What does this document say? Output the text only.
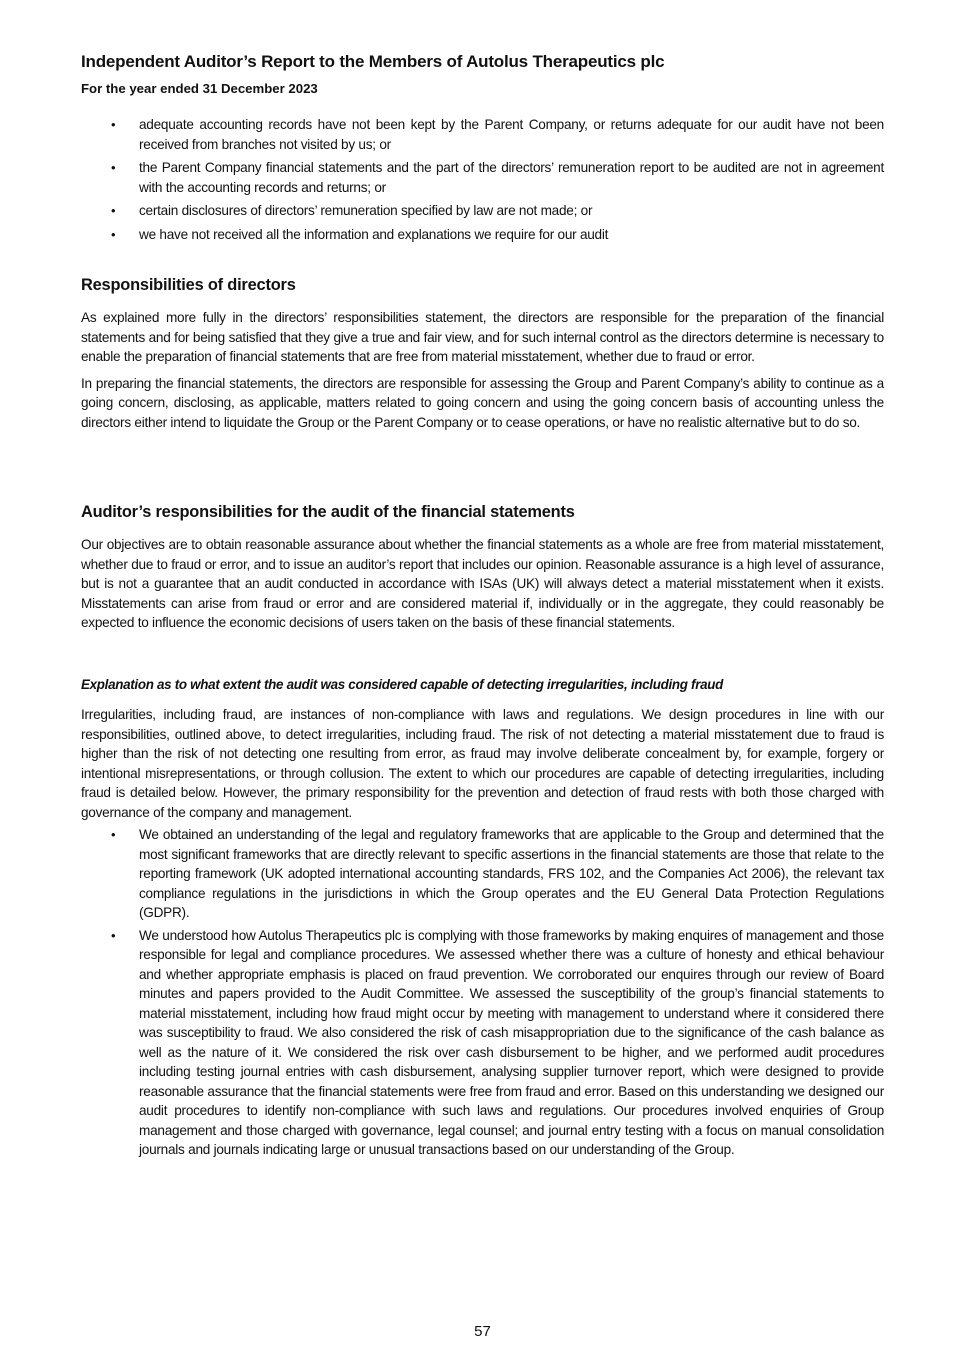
Independent Auditor’s Report to the Members of Autolus Therapeutics plc
For the year ended 31 December 2023
• adequate accounting records have not been kept by the Parent Company, or returns adequate for our audit have not been received from branches not visited by us; or
• the Parent Company financial statements and the part of the directors’ remuneration report to be audited are not in agreement with the accounting records and returns; or
• certain disclosures of directors’ remuneration specified by law are not made; or
• we have not received all the information and explanations we require for our audit
Responsibilities of directors

As explained more fully in the directors’ responsibilities statement, the directors are responsible for the preparation of the financial statements and for being satisfied that they give a true and fair view, and for such internal control as the directors determine is necessary to enable the preparation of financial statements that are free from material misstatement, whether due to fraud or error.

In preparing the financial statements, the directors are responsible for assessing the Group and Parent Company’s ability to continue as a going concern, disclosing, as applicable, matters related to going concern and using the going concern basis of accounting unless the directors either intend to liquidate the Group or the Parent Company or to cease operations, or have no realistic alternative but to do so.

Auditor’s responsibilities for the audit of the financial statements

Our objectives are to obtain reasonable assurance about whether the financial statements as a whole are free from material misstatement, whether due to fraud or error, and to issue an auditor’s report that includes our opinion. Reasonable assurance is a high level of assurance, but is not a guarantee that an audit conducted in accordance with ISAs (UK) will always detect a material misstatement when it exists. Misstatements can arise from fraud or error and are considered material if, individually or in the aggregate, they could reasonably be expected to influence the economic decisions of users taken on the basis of these financial statements.

Explanation as to what extent the audit was considered capable of detecting irregularities, including fraud

Irregularities, including fraud, are instances of non-compliance with laws and regulations. We design procedures in line with our responsibilities, outlined above, to detect irregularities, including fraud. The risk of not detecting a material misstatement due to fraud is higher than the risk of not detecting one resulting from error, as fraud may involve deliberate concealment by, for example, forgery or intentional misrepresentations, or through collusion. The extent to which our procedures are capable of detecting irregularities, including fraud is detailed below. However, the primary responsibility for the prevention and detection of fraud rests with both those charged with governance of the company and management.

• We obtained an understanding of the legal and regulatory frameworks that are applicable to the Group and determined that the most significant frameworks that are directly relevant to specific assertions in the financial statements are those that relate to the reporting framework (UK adopted international accounting standards, FRS 102, and the Companies Act 2006), the relevant tax compliance regulations in the jurisdictions in which the Group operates and the EU General Data Protection Regulations (GDPR).
• We understood how Autolus Therapeutics plc is complying with those frameworks by making enquires of management and those responsible for legal and compliance procedures. We assessed whether there was a culture of honesty and ethical behaviour and whether appropriate emphasis is placed on fraud prevention. We corroborated our enquires through our review of Board minutes and papers provided to the Audit Committee. We assessed the susceptibility of the group’s financial statements to material misstatement, including how fraud might occur by meeting with management to understand where it considered there was susceptibility to fraud. We also considered the risk of cash misappropriation due to the significance of the cash balance as well as the nature of it. We considered the risk over cash disbursement to be higher, and we performed audit procedures including testing journal entries with cash disbursement, analysing supplier turnover report, which were designed to provide reasonable assurance that the financial statements were free from fraud and error. Based on this understanding we designed our audit procedures to identify non-compliance with such laws and regulations. Our procedures involved enquiries of Group management and those charged with governance, legal counsel; and journal entry testing with a focus on manual consolidation journals and journals indicating large or unusual transactions based on our understanding of the Group.
57
